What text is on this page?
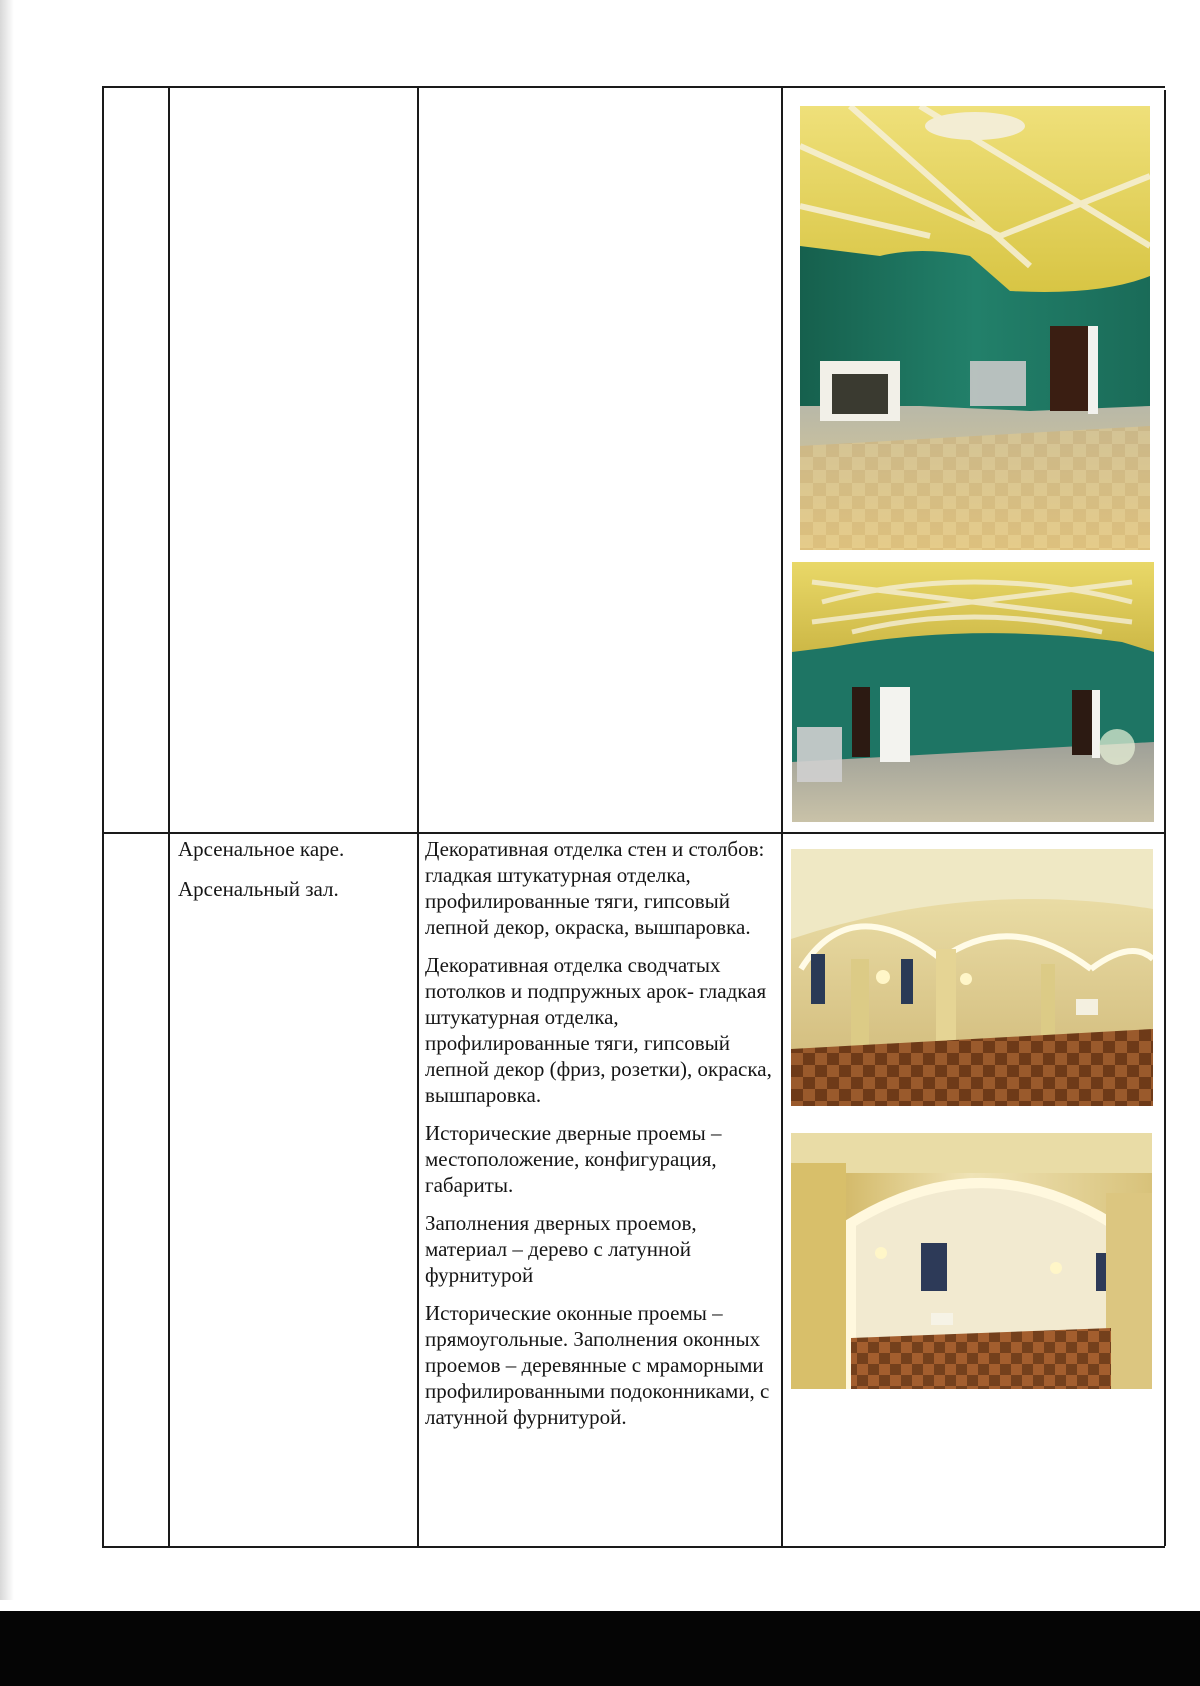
Арсенальное каре.

Арсенальный зал.

Декоративная отделка стен и столбов: гладкая штукатурная отделка, профилированные тяги, гипсовый лепной декор, окраска, вышпаровка.

Декоративная отделка сводчатых потолков и подпружных арок- гладкая штукатурная отделка, профилированные тяги, гипсовый лепной декор (фриз, розетки), окраска, вышпаровка.

Исторические дверные проемы – местоположение, конфигурация, габариты.

Заполнения дверных проемов, материал – дерево с латунной фурнитурой

Исторические оконные проемы – прямоугольные. Заполнения оконных проемов – деревянные с мраморными профилированными подоконниками, с латунной фурнитурой.
